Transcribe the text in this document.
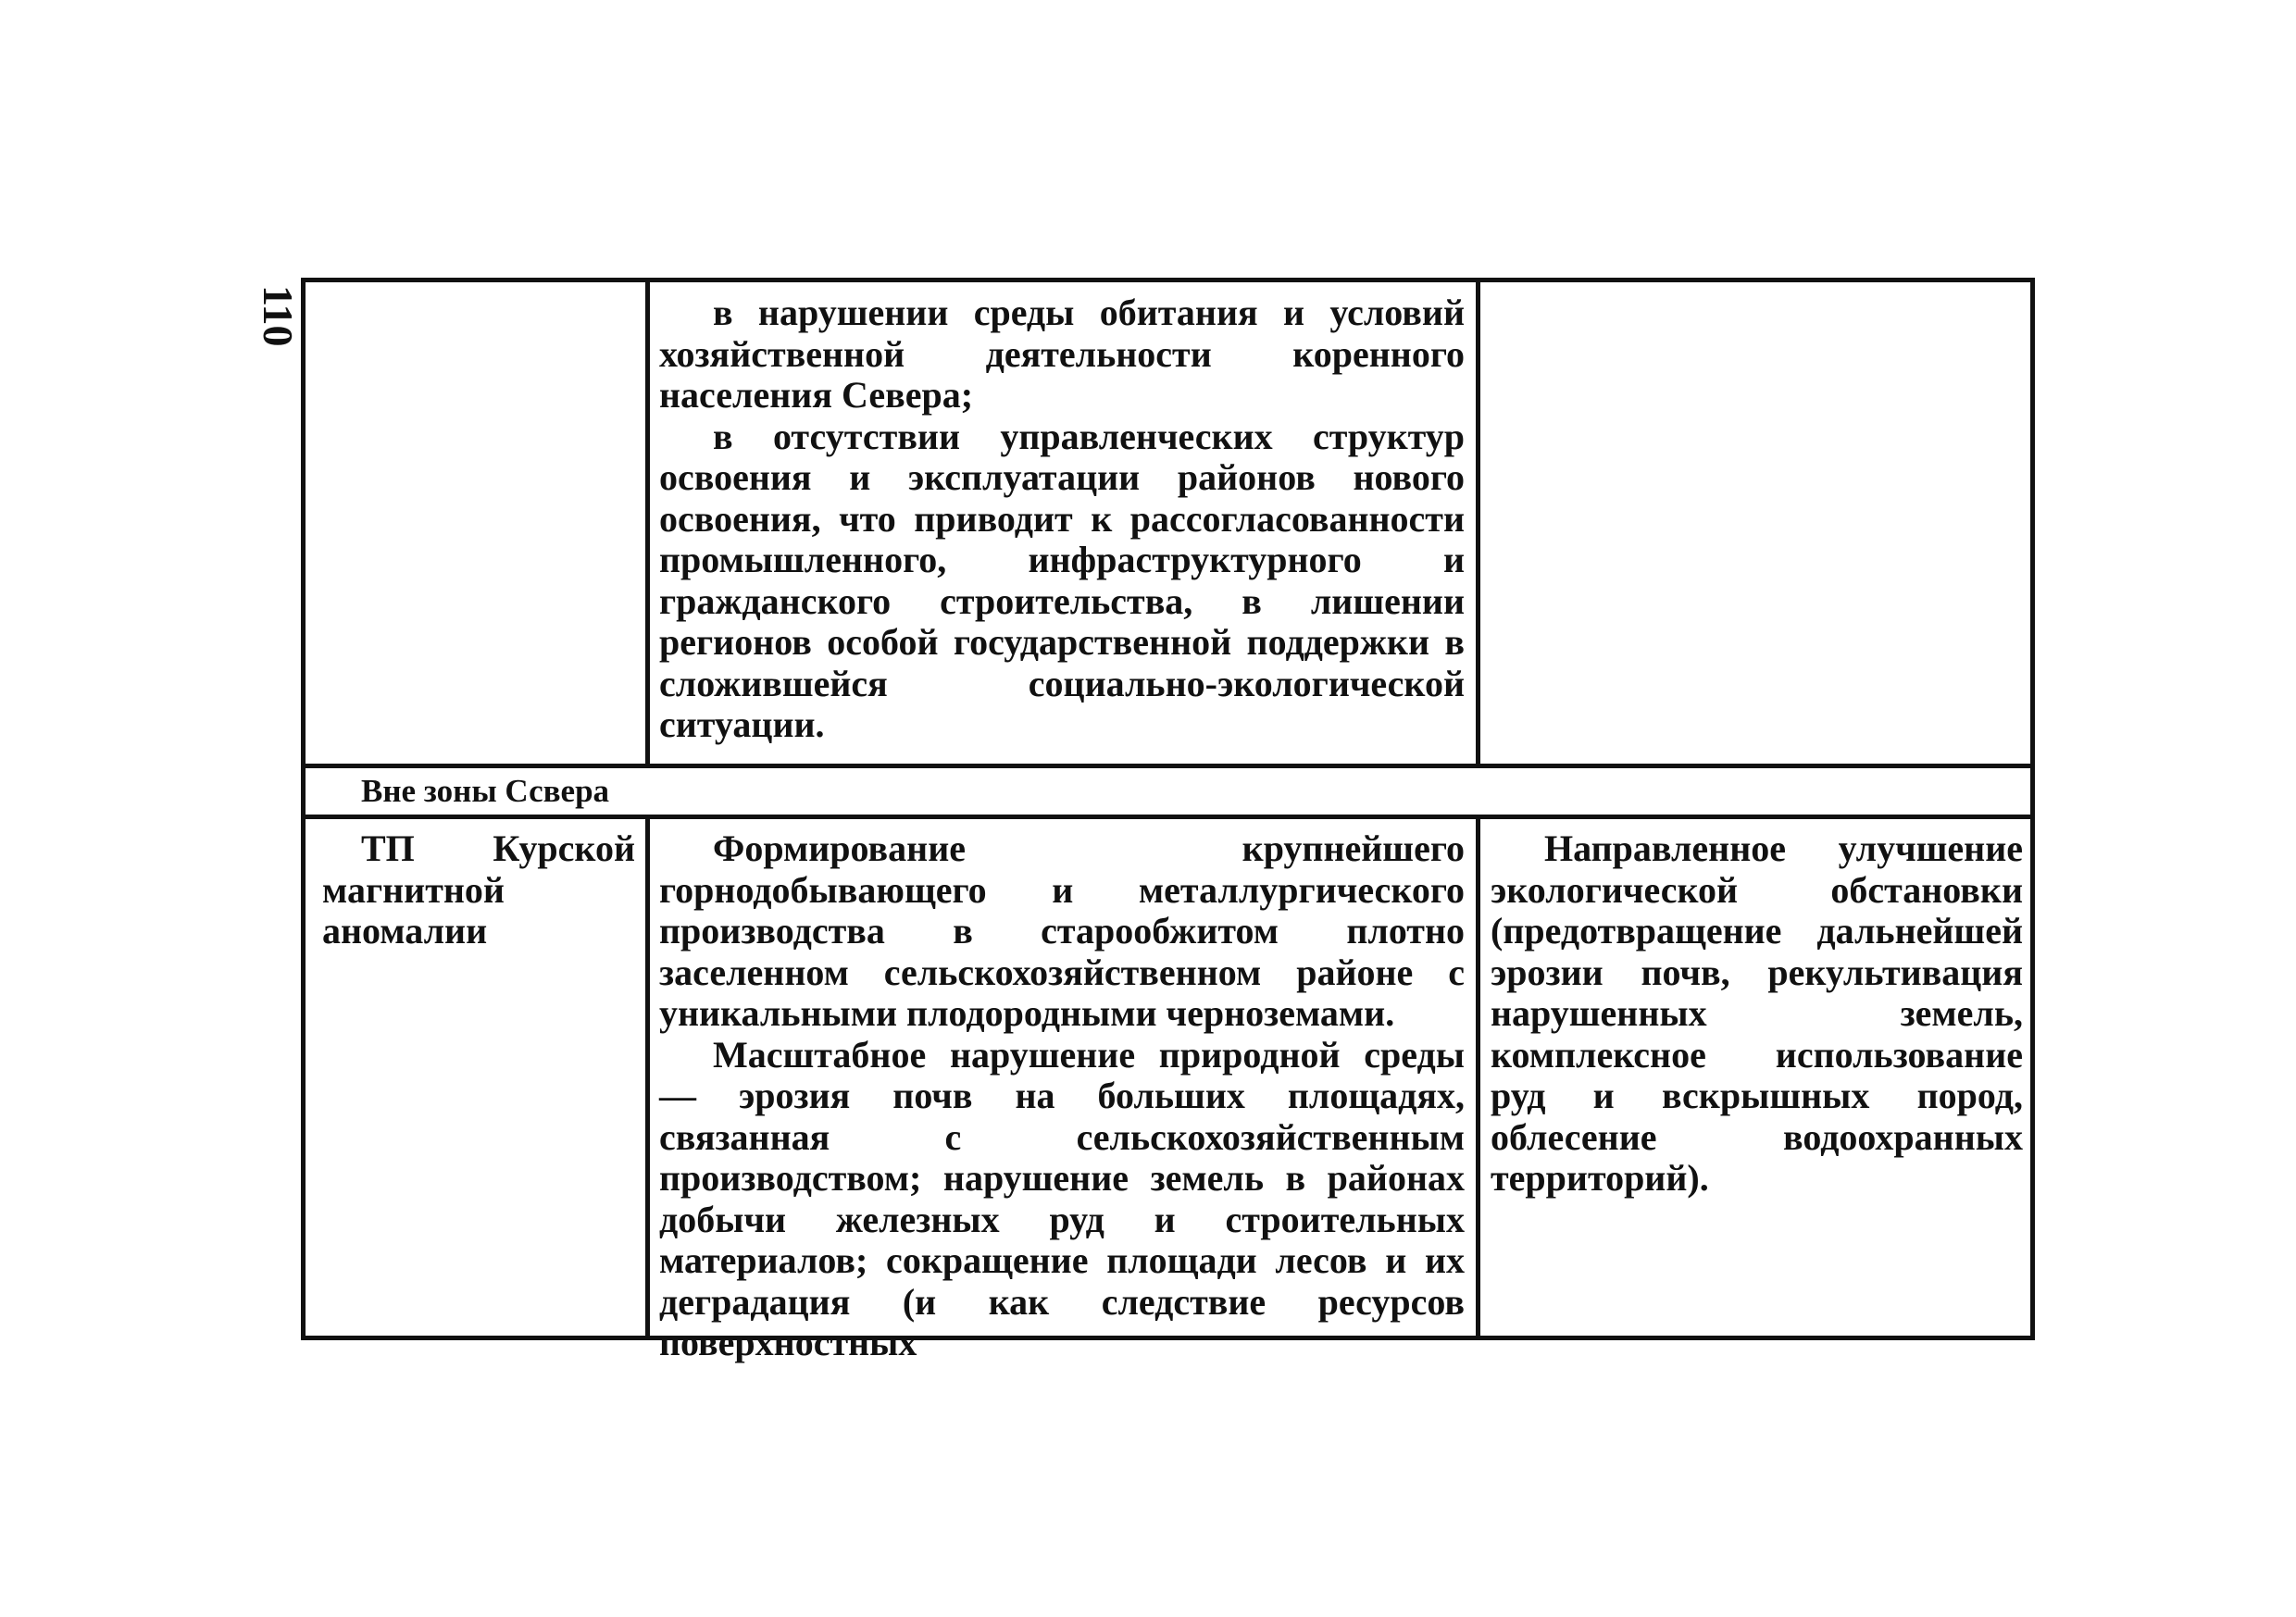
110	в нарушении среды обитания и условий хозяйственной деятельности коренного населения Севера;

в отсутствии управленческих структур освоения и эксплуатации районов нового освоения, что приводит к рассогласованности промышленного, инфраструктурного и гражданского строительства, в лишении регионов особой государственной поддержки в сложившейся социально-экологической ситуации.

Вне зоны Ссвера

ТП Курской магнитной аномалии

Формирование крупнейшего горнодобывающего и металлургического производства в старообжитом плотно заселенном сельскохозяйственном районе с уникальными плодородными черноземами.

Масштабное нарушение природной среды — эрозия почв на больших площадях, связанная с сельскохозяйственным производством; нарушение земель в районах добычи железных руд и строительных материалов; сокращение площади лесов и их деградация (и как следствие ресурсов поверхностных

Направленное улучшение экологической обстановки (предотвращение дальнейшей эрозии почв, рекультивация нарушенных земель, комплексное использование руд и вскрышных пород, облесение водоохранных территорий).
